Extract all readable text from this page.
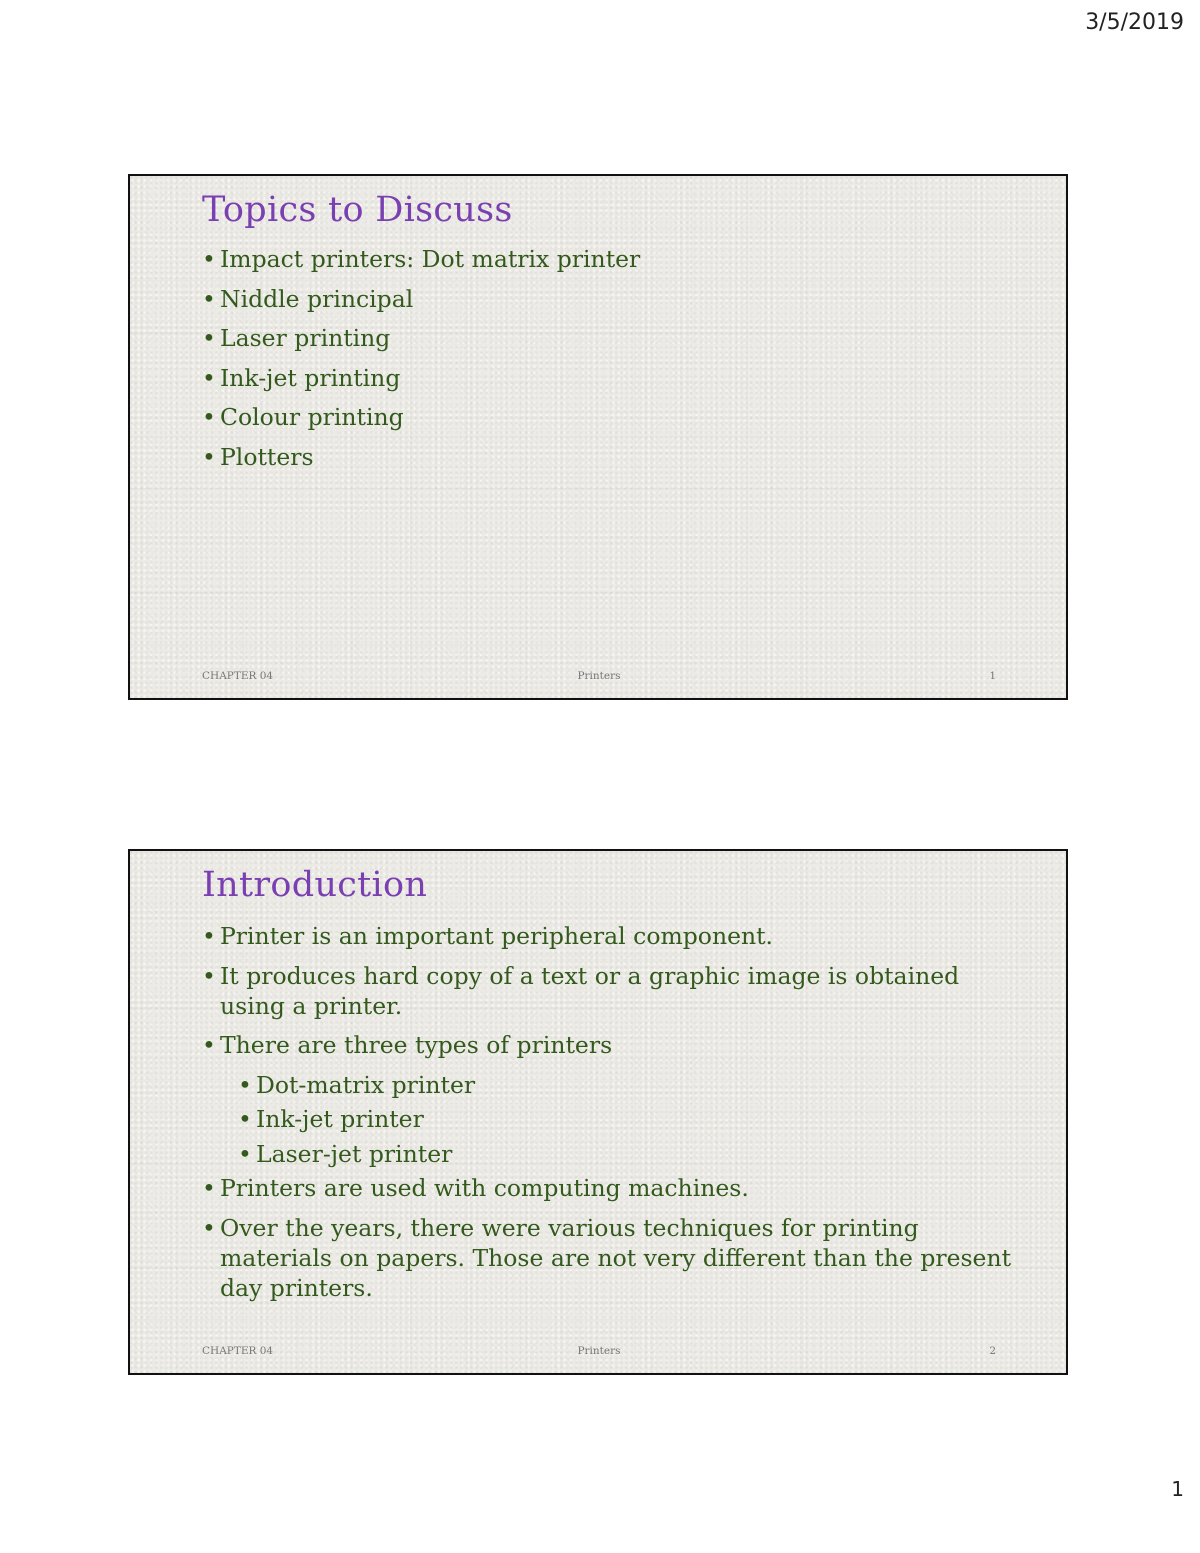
3/5/2019
Topics to Discuss
• Impact printers: Dot matrix printer
• Niddle principal
• Laser printing
• Ink-jet printing
• Colour printing
• Plotters
CHAPTER 04	Printers	1
Introduction
• Printer is an important peripheral component.
• It produces hard copy of a text or a graphic image is obtained using a printer.
• There are three types of printers
• Dot-matrix printer
• Ink-jet printer
• Laser-jet printer
• Printers are used with computing machines.
• Over the years, there were various techniques for printing materials on papers. Those are not very different than the present day printers.
CHAPTER 04	Printers	2
1
